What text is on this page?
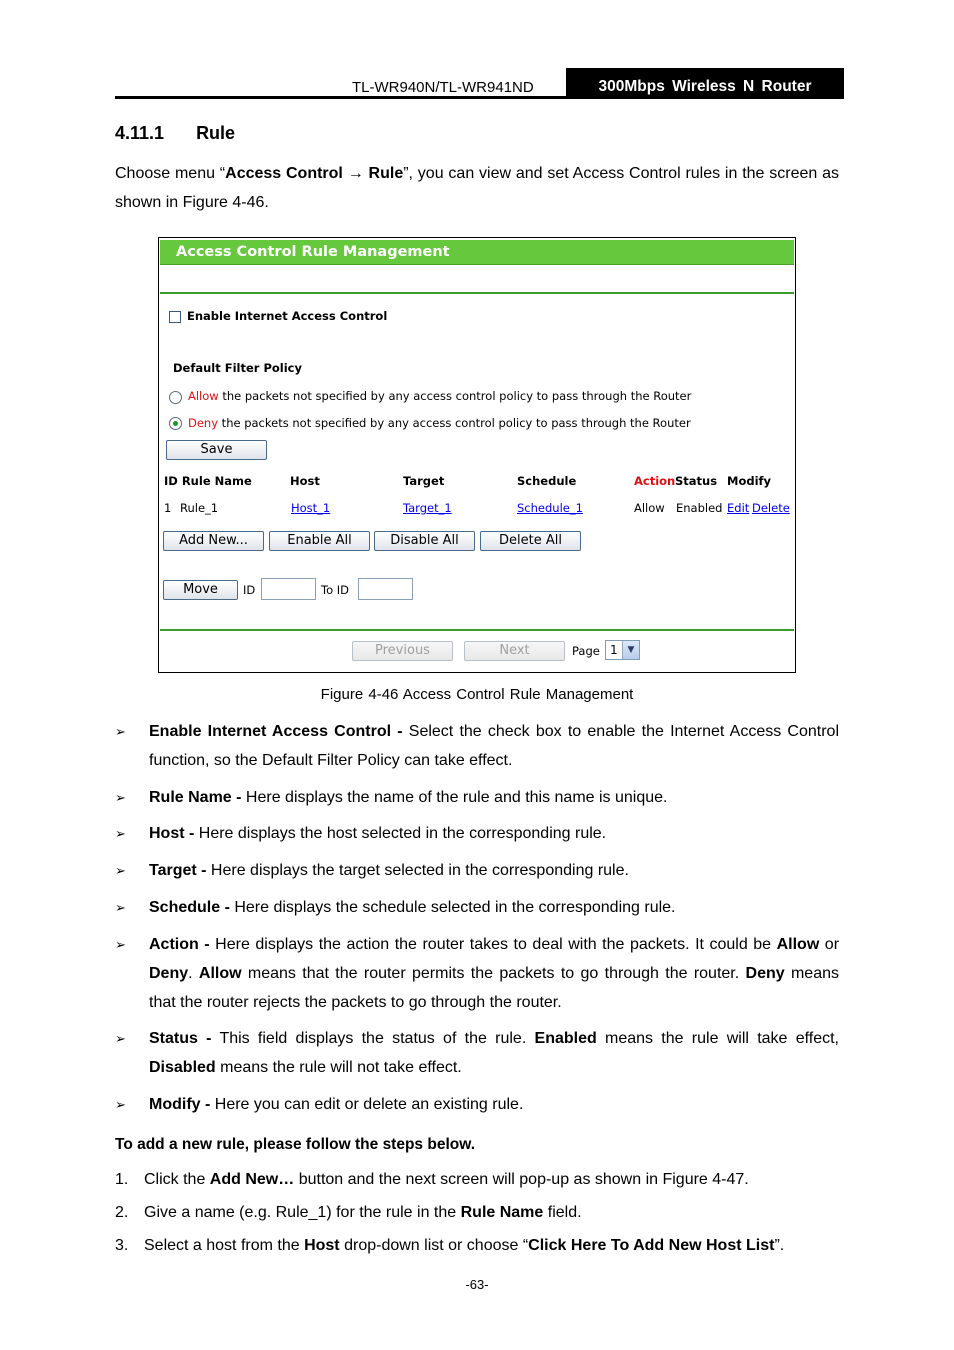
TL-WR940N/TL-WR941ND	300Mbps Wireless N Router
4.11.1 Rule
Choose menu “Access Control → Rule”, you can view and set Access Control rules in the screen as shown in Figure 4-46.
Access Control Rule Management
Enable Internet Access Control
Default Filter Policy
Allow the packets not specified by any access control policy to pass through the Router
Deny the packets not specified by any access control policy to pass through the Router
Save
ID Rule Name	Host	Target	Schedule	Action Status Modify
1 Rule_1	Host_1	Target_1	Schedule_1	Allow Enabled Edit Delete
Add New...	Enable All	Disable All	Delete All
Move	ID	To ID
Previous	Next	Page 1	▼
Figure 4-46 Access Control Rule Management
➢ Enable Internet Access Control - Select the check box to enable the Internet Access Control function, so the Default Filter Policy can take effect.
➢ Rule Name - Here displays the name of the rule and this name is unique.
➢ Host - Here displays the host selected in the corresponding rule.
➢ Target - Here displays the target selected in the corresponding rule.
➢ Schedule - Here displays the schedule selected in the corresponding rule.
➢ Action - Here displays the action the router takes to deal with the packets. It could be Allow or Deny. Allow means that the router permits the packets to go through the router. Deny means that the router rejects the packets to go through the router.
➢ Status - This field displays the status of the rule. Enabled means the rule will take effect, Disabled means the rule will not take effect.
➢ Modify - Here you can edit or delete an existing rule.
To add a new rule, please follow the steps below.
1. Click the Add New… button and the next screen will pop-up as shown in Figure 4-47.
2. Give a name (e.g. Rule_1) for the rule in the Rule Name field.
3. Select a host from the Host drop-down list or choose “Click Here To Add New Host List”.
-63-
